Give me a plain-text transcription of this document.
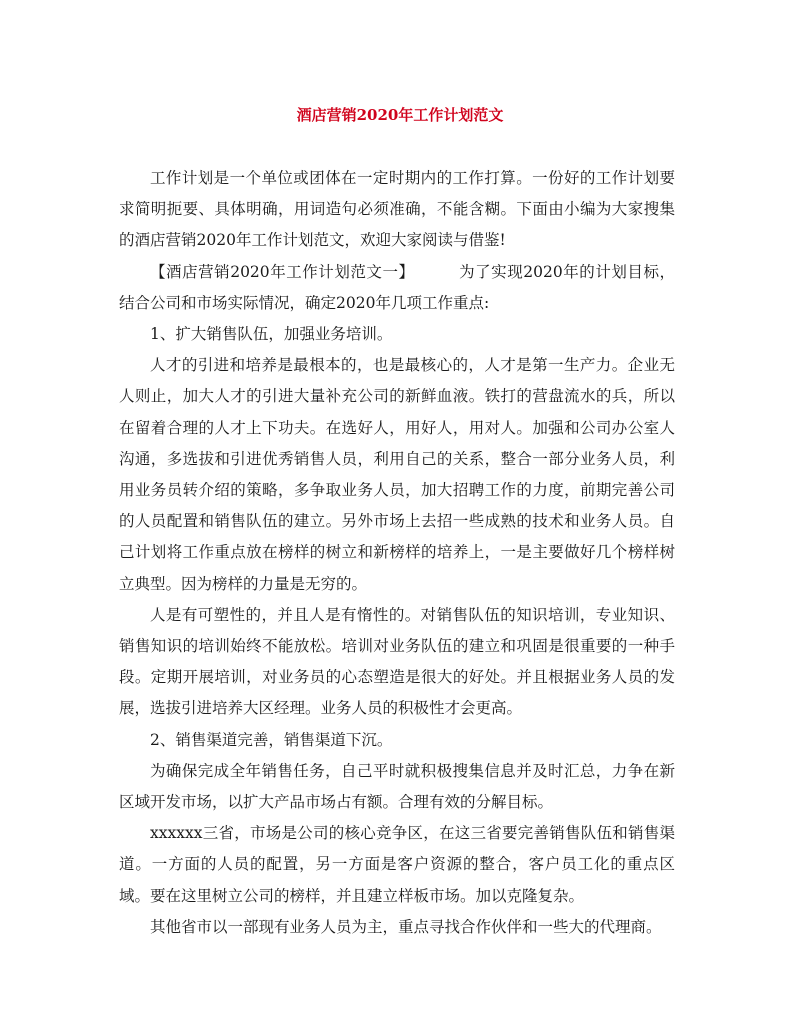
酒店营销2020年工作计划范文

工作计划是一个单位或团体在一定时期内的工作打算。一份好的工作计划要求简明扼要、具体明确，用词造句必须准确，不能含糊。下面由小编为大家搜集的酒店营销2020年工作计划范文，欢迎大家阅读与借鉴!

【酒店营销2020年工作计划范文一】	为了实现2020年的计划目标，结合公司和市场实际情况，确定2020年几项工作重点:

1、扩大销售队伍，加强业务培训。

人才的引进和培养是最根本的，也是最核心的，人才是第一生产力。企业无人则止，加大人才的引进大量补充公司的新鲜血液。铁打的营盘流水的兵，所以在留着合理的人才上下功夫。在选好人，用好人，用对人。加强和公司办公室人沟通，多选拔和引进优秀销售人员，利用自己的关系，整合一部分业务人员，利用业务员转介绍的策略，多争取业务人员，加大招聘工作的力度，前期完善公司的人员配置和销售队伍的建立。另外市场上去招一些成熟的技术和业务人员。自己计划将工作重点放在榜样的树立和新榜样的培养上，一是主要做好几个榜样树立典型。因为榜样的力量是无穷的。

人是有可塑性的，并且人是有惰性的。对销售队伍的知识培训，专业知识、销售知识的培训始终不能放松。培训对业务队伍的建立和巩固是很重要的一种手段。定期开展培训，对业务员的心态塑造是很大的好处。并且根据业务人员的发展，选拔引进培养大区经理。业务人员的积极性才会更高。

2、销售渠道完善，销售渠道下沉。

为确保完成全年销售任务，自己平时就积极搜集信息并及时汇总，力争在新区域开发市场，以扩大产品市场占有额。合理有效的分解目标。

xxxxxx三省，市场是公司的核心竞争区，在这三省要完善销售队伍和销售渠道。一方面的人员的配置，另一方面是客户资源的整合，客户员工化的重点区域。要在这里树立公司的榜样，并且建立样板市场。加以克隆复杂。

其他省市以一部现有业务人员为主，重点寻找合作伙伴和一些大的代理商。
